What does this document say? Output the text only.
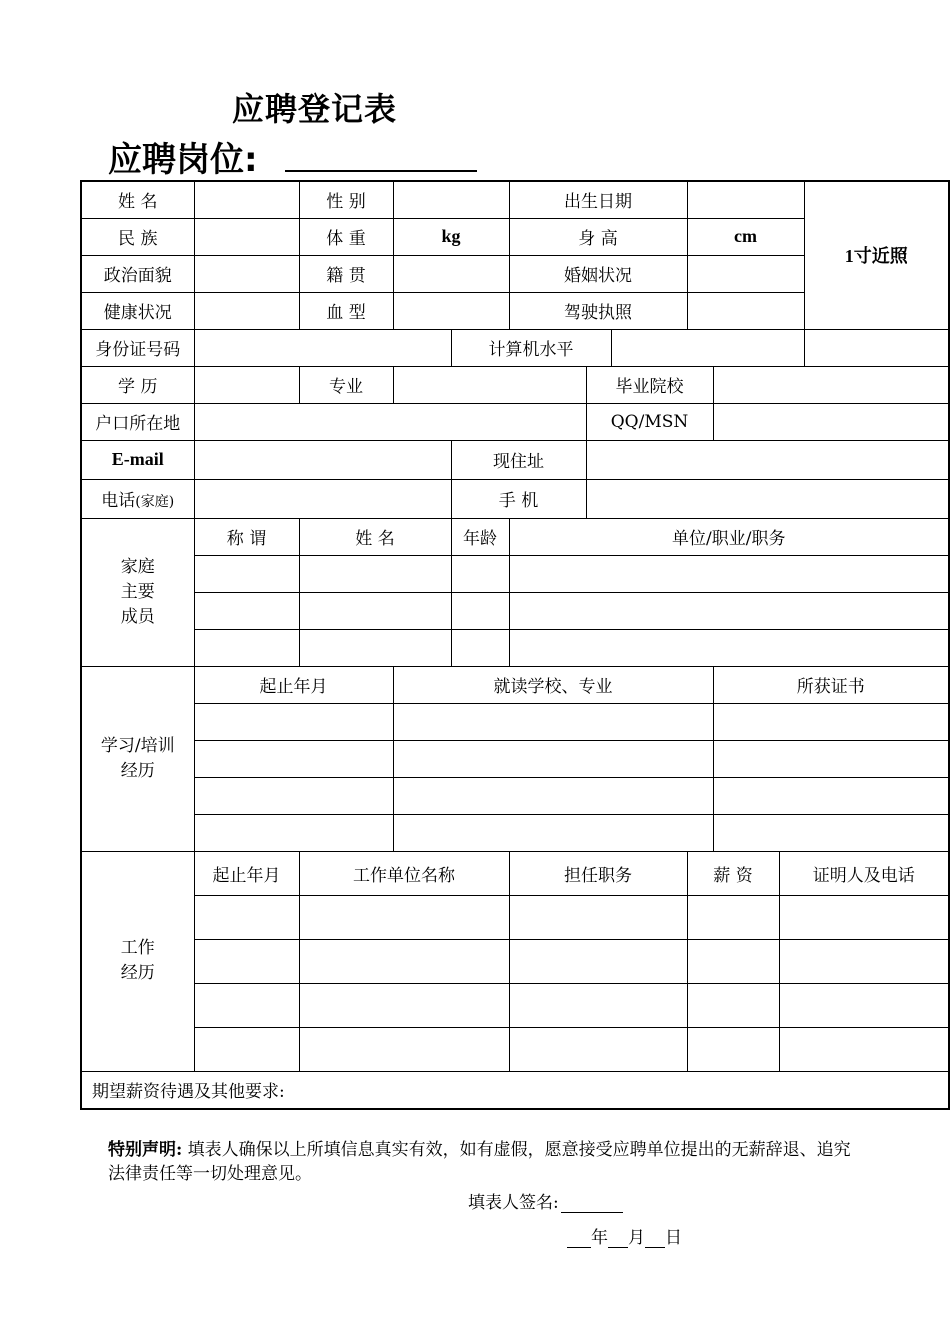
应聘登记表
应聘岗位:
姓 名		性 别			出生日期						1寸近照
民 族		体 重	kg		身 高			cm			
政治面貌		籍 贯			婚姻状况						
健康状况		血 型			驾驶执照						
身份证号码				计算机水平							
学 历		专业				毕业院校					
户口所在地						QQ/MSN					
E-mail				现住址							
电话(家庭)				手 机							

家庭
主要
成员	称 谓	姓 名		年龄	单位/职业/职务						

学习/培训
经历	起止年月		就读学校、专业						所获证书		

工作
经历	起止年月	工作单位名称			担任职务			薪 资		证明人及电话	

期望薪资待遇及其他要求:											
特别声明: 填表人确保以上所填信息真实有效，如有虚假，愿意接受应聘单位提出的无薪辞退、追究法律责任等一切处理意见。
填表人签名:
年 月 日
